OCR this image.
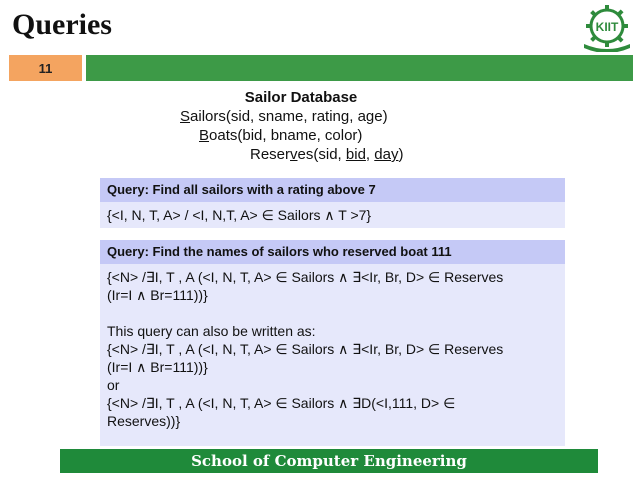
Queries	KIIT
11
Sailor Database
Sailors(sid, sname, rating, age)
Boats(bid, bname, color)
Reserves(sid, bid, day)
Query: Find all sailors with a rating above 7
{<I, N, T, A> / <I, N,T, A> ∈ Sailors ∧ T >7}
Query: Find the names of sailors who reserved boat 111

{<N> /∃I, T , A (<I, N, T, A> ∈ Sailors ∧ ∃<Ir, Br, D> ∈ Reserves

(Ir=I ∧ Br=111))}

This query can also be written as:

{<N> /∃I, T , A (<I, N, T, A> ∈ Sailors ∧ ∃<Ir, Br, D> ∈ Reserves

(Ir=I ∧ Br=111))}

or

{<N> /∃I, T , A (<I, N, T, A> ∈ Sailors ∧ ∃D(<I,111, D> ∈

Reserves))}

School of Computer Engineering
